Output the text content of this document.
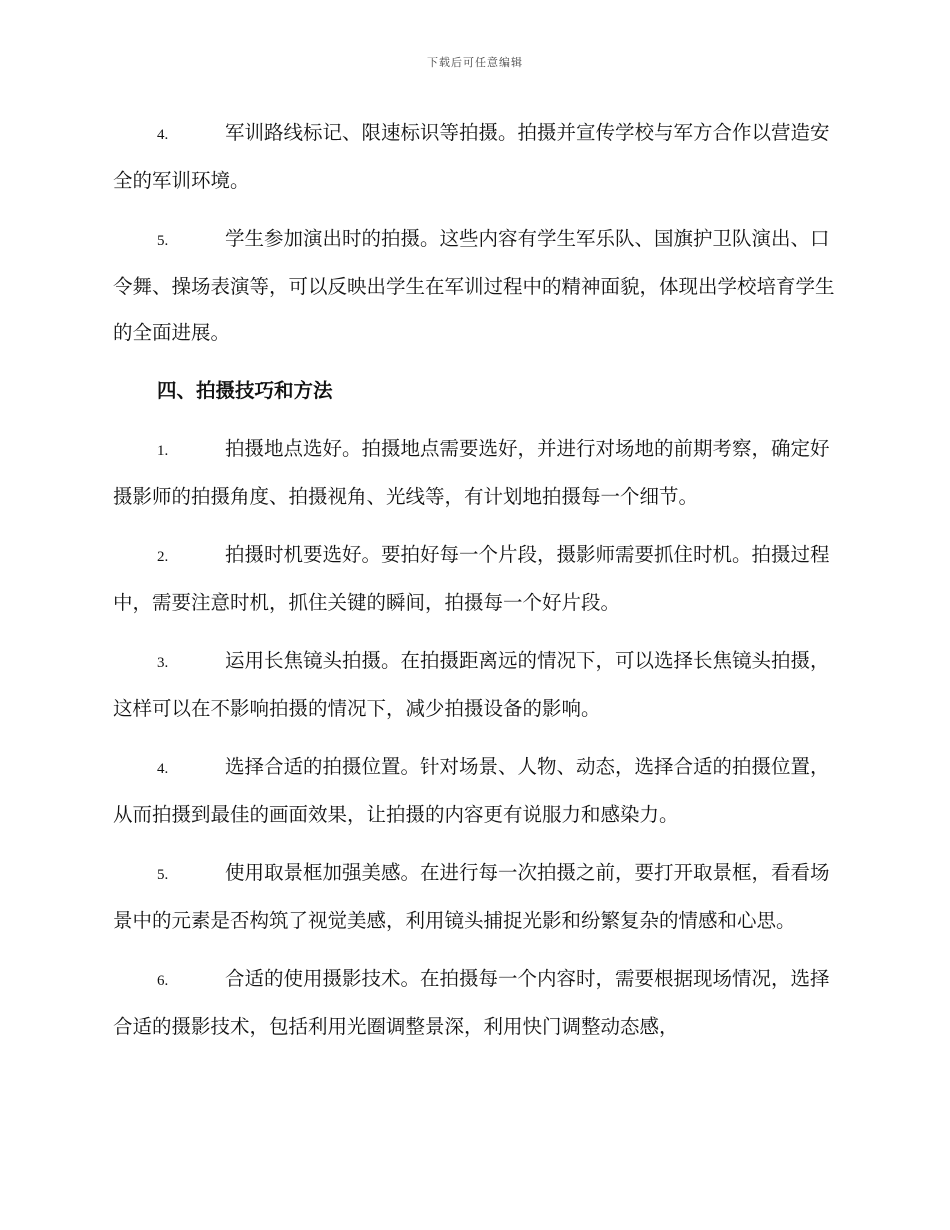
下载后可任意编辑

4.	军训路线标记、限速标识等拍摄。拍摄并宣传学校与军方合作以营造安全的军训环境。

5.	学生参加演出时的拍摄。这些内容有学生军乐队、国旗护卫队演出、口令舞、操场表演等，可以反映出学生在军训过程中的精神面貌，体现出学校培育学生的全面进展。

四、拍摄技巧和方法

1.	拍摄地点选好。拍摄地点需要选好，并进行对场地的前期考察，确定好摄影师的拍摄角度、拍摄视角、光线等，有计划地拍摄每一个细节。

2.	拍摄时机要选好。要拍好每一个片段，摄影师需要抓住时机。拍摄过程中，需要注意时机，抓住关键的瞬间，拍摄每一个好片段。

3.	运用长焦镜头拍摄。在拍摄距离远的情况下，可以选择长焦镜头拍摄，这样可以在不影响拍摄的情况下，减少拍摄设备的影响。

4.	选择合适的拍摄位置。针对场景、人物、动态，选择合适的拍摄位置，从而拍摄到最佳的画面效果，让拍摄的内容更有说服力和感染力。

5.	使用取景框加强美感。在进行每一次拍摄之前，要打开取景框，看看场景中的元素是否构筑了视觉美感，利用镜头捕捉光影和纷繁复杂的情感和心思。

6.	合适的使用摄影技术。在拍摄每一个内容时，需要根据现场情况，选择合适的摄影技术，包括利用光圈调整景深，利用快门调整动态感，
